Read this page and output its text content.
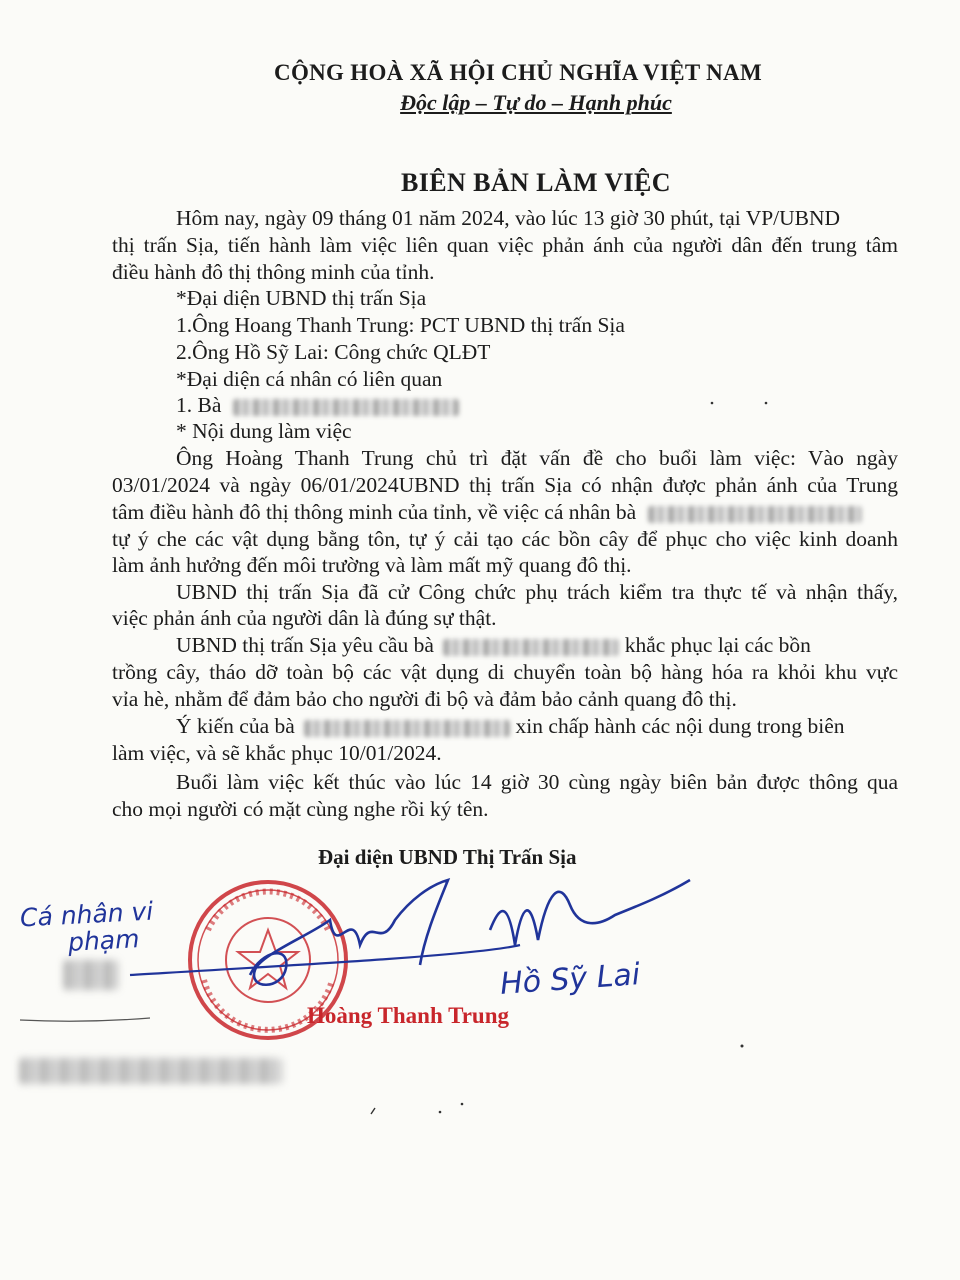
CỘNG HOÀ XÃ HỘI CHỦ NGHĨA VIỆT NAM
Độc lập – Tự do – Hạnh phúc
BIÊN BẢN LÀM VIỆC
Hôm nay, ngày 09 tháng 01 năm 2024, vào lúc 13 giờ 30 phút, tại VP/UBND
thị trấn Sịa, tiến hành làm việc liên quan việc phản ánh của người dân đến trung tâm
điều hành đô thị thông minh của tỉnh.
*Đại diện UBND thị trấn Sịa
1.Ông Hoang Thanh Trung: PCT UBND thị trấn Sịa
2.Ông Hồ Sỹ Lai: Công chức QLĐT
*Đại diện cá nhân có liên quan
1. Bà
* Nội dung làm việc
Ông Hoàng Thanh Trung chủ trì đặt vấn đề cho buổi làm việc: Vào ngày
03/01/2024 và ngày 06/01/2024UBND thị trấn Sịa có nhận được phản ánh của Trung
tâm điều hành đô thị thông minh của tỉnh, về việc cá nhân bà
tự ý che các vật dụng bằng tôn, tự ý cải tạo các bồn cây để phục cho việc kinh doanh
làm ảnh hưởng đến môi trường và làm mất mỹ quang đô thị.
UBND thị trấn Sịa đã cử Công chức phụ trách kiểm tra thực tế và nhận thấy,
việc phản ánh của người dân là đúng sự thật.
UBND thị trấn Sịa yêu cầu bà	khắc phục lại các bồn
trồng cây, tháo dỡ toàn bộ các vật dụng di chuyển toàn bộ hàng hóa ra khỏi khu vực
vỉa hè, nhằm để đảm bảo cho người đi bộ và đảm bảo cảnh quang đô thị.
Ý kiến của bà	xin chấp hành các nội dung trong biên
làm việc, và sẽ khắc phục 10/01/2024.
Buổi làm việc kết thúc vào lúc 14 giờ 30 cùng ngày biên bản được thông qua
cho mọi người có mặt cùng nghe rồi ký tên.
Đại diện UBND Thị Trấn Sịa
Cá nhân vi
phạm
Hồ Sỹ Lai
Hoàng Thanh Trung
